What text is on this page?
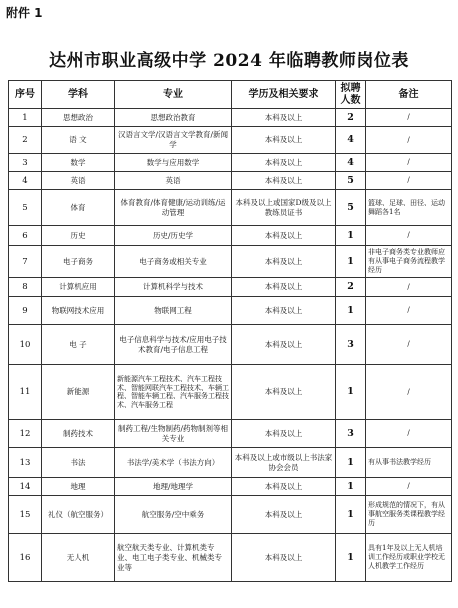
附件 1
达州市职业高级中学 2024 年临聘教师岗位表
序号	学科	专业	学历及相关要求	拟聘人数	备注
1	思想政治	思想政治教育	本科及以上	2	/
2	语 文	汉语言文学/汉语言文学教育/新闻学	本科及以上	4	/
3	数学	数学与应用数学	本科及以上	4	/
4	英语	英语	本科及以上	5	/
5	体育	体育教育/体育健康/运动训练/运动管理	本科及以上或国家D级及以上教练员证书	5	篮球、足球、田径、运动舞蹈各1名
6	历史	历史/历史学	本科及以上	1	/
7	电子商务	电子商务或相关专业	本科及以上	1	非电子商务类专业教师应有从事电子商务流程教学经历
8	计算机应用	计算机科学与技术	本科及以上	2	/
9	物联网技术应用	物联网工程	本科及以上	1	/
10	电 子	电子信息科学与技术/应用电子技术教育/电子信息工程	本科及以上	3	/
11	新能源	新能源汽车工程技术、汽车工程技术、智能网联汽车工程技术、车辆工程、智能车辆工程、汽车服务工程技术、汽车服务工程	本科及以上	1	/
12	制药技术	制药工程/生物制药/药物制剂等相关专业	本科及以上	3	/
13	书法	书法学/美术学（书法方向）	本科及以上或市级以上书法家协会会员	1	有从事书法教学经历
14	地理	地理/地理学	本科及以上	1	/
15	礼仪（航空服务）	航空服务/空中乘务	本科及以上	1	形成规范的情况下，有从事航空服务类课程教学经历
16	无人机	航空航天类专业、计算机类专业、电工电子类专业、机械类专业等	本科及以上	1	具有1年及以上无人机培训工作经历或职业学校无人机教学工作经历
